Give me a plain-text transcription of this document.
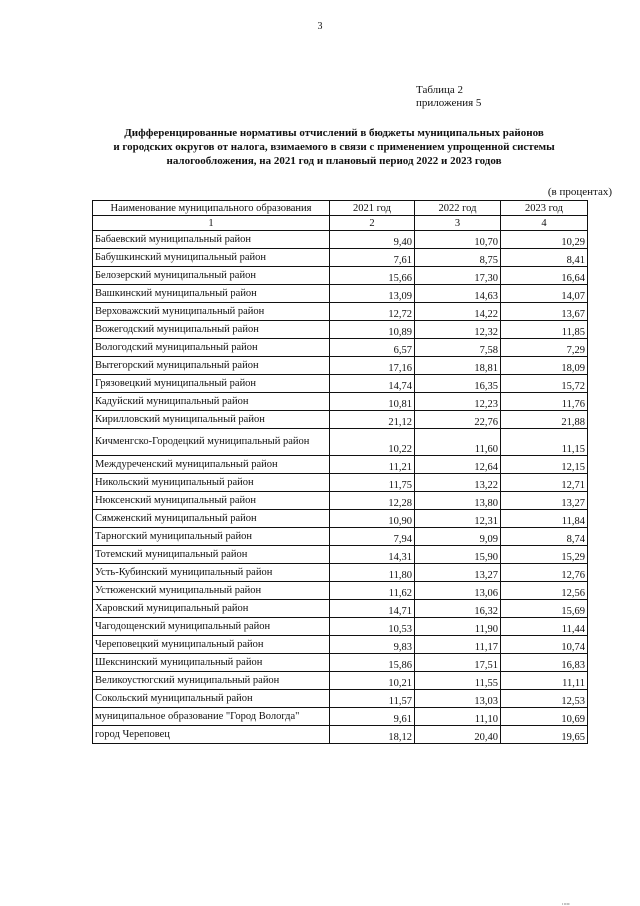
3
Таблица 2
приложения 5
Дифференцированные нормативы отчислений в бюджеты муниципальных районов
и городских округов от налога, взимаемого в связи с применением упрощенной системы
налогообложения, на 2021 год и плановый период 2022 и 2023 годов
(в процентах)
Наименование муниципального образования	2021 год	2022 год	2023 год
1	2	3	4
Бабаевский муниципальный район	9,40	10,70	10,29
Бабушкинский муниципальный район	7,61	8,75	8,41
Белозерский муниципальный район	15,66	17,30	16,64
Вашкинский муниципальный район	13,09	14,63	14,07
Верховажский муниципальный район	12,72	14,22	13,67
Вожегодский муниципальный район	10,89	12,32	11,85
Вологодский муниципальный район	6,57	7,58	7,29
Вытегорский муниципальный район	17,16	18,81	18,09
Грязовецкий муниципальный район	14,74	16,35	15,72
Кадуйский муниципальный район	10,81	12,23	11,76
Кирилловский муниципальный район	21,12	22,76	21,88
Кичменгско-Городецкий муниципальный район	10,22	11,60	11,15
Междуреченский муниципальный район	11,21	12,64	12,15
Никольский муниципальный район	11,75	13,22	12,71
Нюксенский муниципальный район	12,28	13,80	13,27
Сямженский муниципальный район	10,90	12,31	11,84
Тарногский муниципальный район	7,94	9,09	8,74
Тотемский муниципальный район	14,31	15,90	15,29
Усть-Кубинский муниципальный район	11,80	13,27	12,76
Устюженский муниципальный район	11,62	13,06	12,56
Харовский муниципальный район	14,71	16,32	15,69
Чагодощенский муниципальный район	10,53	11,90	11,44
Череповецкий муниципальный район	9,83	11,17	10,74
Шекснинский муниципальный район	15,86	17,51	16,83
Великоустюгский муниципальный район	10,21	11,55	11,11
Сокольский муниципальный район	11,57	13,03	12,53
муниципальное образование "Город Вологда"	9,61	11,10	10,69
город Череповец	18,12	20,40	19,65
I II III
